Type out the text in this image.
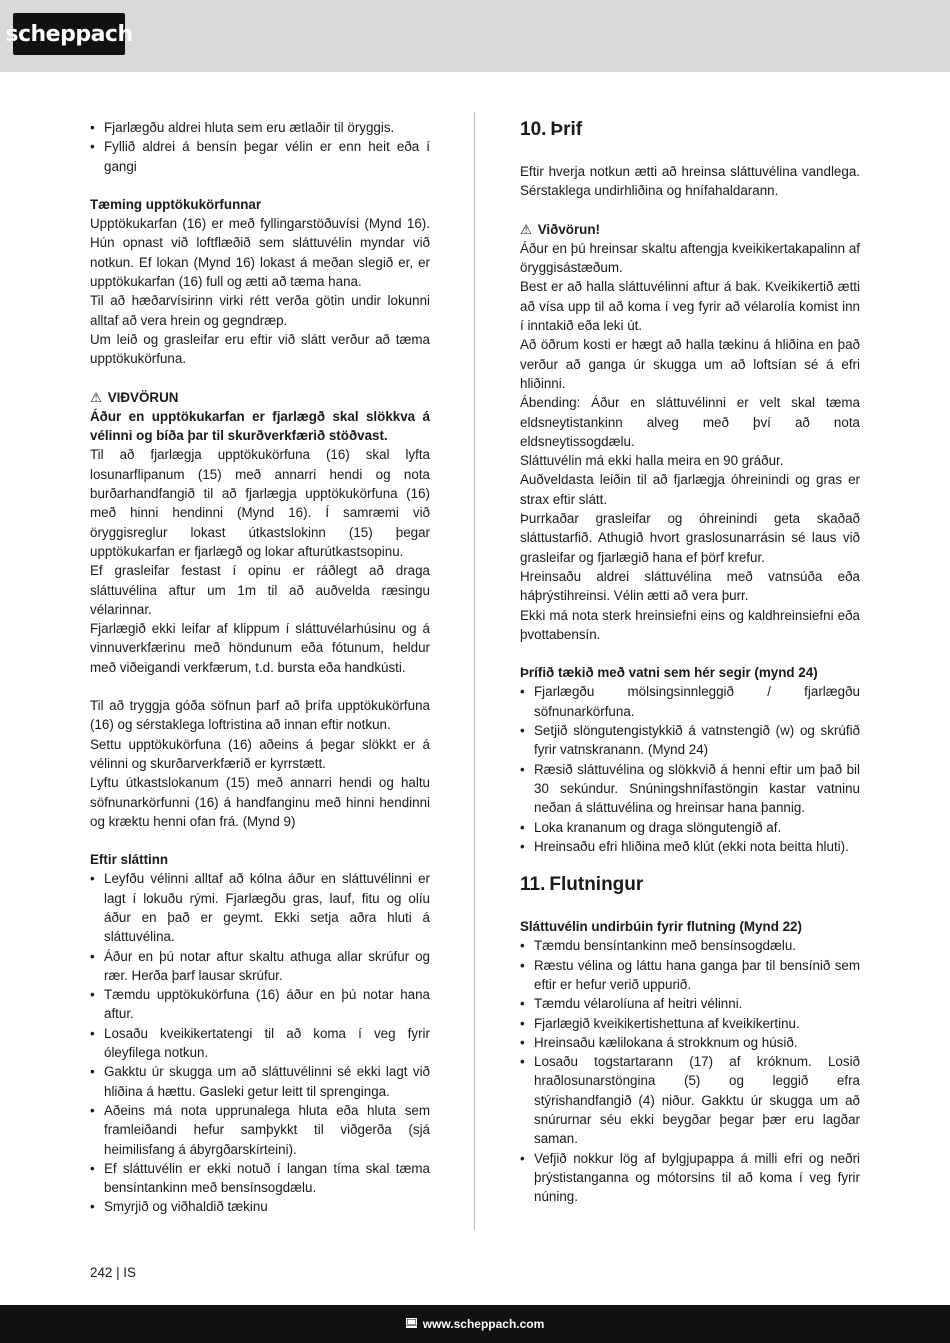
scheppach
• Fjarlægðu aldrei hluta sem eru ætlaðir til öryggis.
• Fyllið aldrei á bensín þegar vélin er enn heit eða í gangi

Tæming upptökukörfunnar

Upptökukarfan (16) er með fyllingarstöðuvísi (Mynd 16). Hún opnast við loftflæðið sem sláttuvélin myndar við notkun. Ef lokan (Mynd 16) lokast á meðan slegið er, er upptökukarfan (16) full og ætti að tæma hana.

Til að hæðarvísirinn virki rétt verða götin undir lokunni alltaf að vera hrein og gegndræp.

Um leið og grasleifar eru eftir við slátt verður að tæma upptökukörfuna.

⚠ VIÐVÖRUN

Áður en upptökukarfan er fjarlægð skal slökkva á vélinni og bíða þar til skurðverkfærið stöðvast.

Til að fjarlægja upptökukörfuna (16) skal lyfta losunarflipanum (15) með annarri hendi og nota burðarhandfangið til að fjarlægja upptökukörfuna (16) með hinni hendinni (Mynd 16). Í samræmi við öryggisreglur lokast útkastslokinn (15) þegar upptökukarfan er fjarlægð og lokar afturútkastsopinu.

Ef grasleifar festast í opinu er ráðlegt að draga sláttuvélina aftur um 1m til að auðvelda ræsingu vélarinnar.

Fjarlægið ekki leifar af klippum í sláttuvélarhúsinu og á vinnuverkfærinu með höndunum eða fótunum, heldur með viðeigandi verkfærum, t.d. bursta eða handkústi.

Til að tryggja góða söfnun þarf að þrífa upptökukörfuna (16) og sérstaklega loftristina að innan eftir notkun.

Settu upptökukörfuna (16) aðeins á þegar slökkt er á vélinni og skurðarverkfærið er kyrrstætt.

Lyftu útkastslokanum (15) með annarri hendi og haltu söfnunarkörfunni (16) á handfanginu með hinni hendinni og kræktu henni ofan frá. (Mynd 9)

Eftir sláttinn

• Leyfðu vélinni alltaf að kólna áður en sláttuvélinni er lagt í lokuðu rými. Fjarlægðu gras, lauf, fitu og olíu áður en það er geymt. Ekki setja aðra hluti á sláttuvélina.
• Áður en þú notar aftur skaltu athuga allar skrúfur og rær. Herða þarf lausar skrúfur.
• Tæmdu upptökukörfuna (16) áður en þú notar hana aftur.
• Losaðu kveikikertatengi til að koma í veg fyrir óleyfilega notkun.
• Gakktu úr skugga um að sláttuvélinni sé ekki lagt við hliðina á hættu. Gasleki getur leitt til sprenginga.
• Aðeins má nota upprunalega hluta eða hluta sem framleiðandi hefur samþykkt til viðgerða (sjá heimilisfang á ábyrgðarskírteini).
• Ef sláttuvélin er ekki notuð í langan tíma skal tæma bensíntankinn með bensínsogdælu.
• Smyrjið og viðhaldið tækinu
10. Þrif

Eftir hverja notkun ætti að hreinsa sláttuvélina vandlega. Sérstaklega undirhliðina og hnífahaldarann.

⚠ Viðvörun!

Áður en þú hreinsar skaltu aftengja kveikikertakapalinn af öryggisástæðum.

Best er að halla sláttuvélinni aftur á bak. Kveikikertið ætti að vísa upp til að koma í veg fyrir að vélarolía komist inn í inntakið eða leki út.

Að öðrum kosti er hægt að halla tækinu á hliðina en það verður að ganga úr skugga um að loftsían sé á efri hliðinni.

Ábending: Áður en sláttuvélinni er velt skal tæma eldsneytistankinn alveg með því að nota eldsneytissogdælu.

Sláttuvélin má ekki halla meira en 90 gráður.

Auðveldasta leiðin til að fjarlægja óhreinindi og gras er strax eftir slátt.

Þurrkaðar grasleifar og óhreinindi geta skaðað sláttustarfið. Athugið hvort graslosunarrásin sé laus við grasleifar og fjarlægið hana ef þörf krefur.

Hreinsaðu aldrei sláttuvélina með vatnsúða eða háþrýstihreinsi. Vélin ætti að vera þurr.

Ekki má nota sterk hreinsiefni eins og kaldhreinsiefni eða þvottabensín.

Þrífið tækið með vatni sem hér segir (mynd 24)

• Fjarlægðu mölsingsinnleggið / fjarlægðu söfnunarkörfuna.
• Setjið slöngutengistykkið á vatnstengið (w) og skrúfið fyrir vatnskranann. (Mynd 24)
• Ræsið sláttuvélina og slökkvið á henni eftir um það bil 30 sekúndur. Snúningshnífastöngin kastar vatninu neðan á sláttuvélina og hreinsar hana þannig.
• Loka krananum og draga slöngutengið af.
• Hreinsaðu efri hliðina með klút (ekki nota beitta hluti).
11. Flutningur

Sláttuvélin undirbúin fyrir flutning (Mynd 22)

• Tæmdu bensíntankinn með bensínsogdælu.
• Ræstu vélina og láttu hana ganga þar til bensínið sem eftir er hefur verið uppurið.
• Tæmdu vélarolíuna af heitri vélinni.
• Fjarlægið kveikikertishettuna af kveikikertinu.
• Hreinsaðu kælilokana á strokknum og húsið.
• Losaðu togstartarann (17) af króknum. Losið hraðlosunarstöngina (5) og leggið efra stýrishandfangið (4) niður. Gakktu úr skugga um að snúrurnar séu ekki beygðar þegar þær eru lagðar saman.
• Vefjið nokkur lög af bylgjupappa á milli efri og neðri þrýstistanganna og mótorsins til að koma í veg fyrir núning.
242 | IS
www.scheppach.com
